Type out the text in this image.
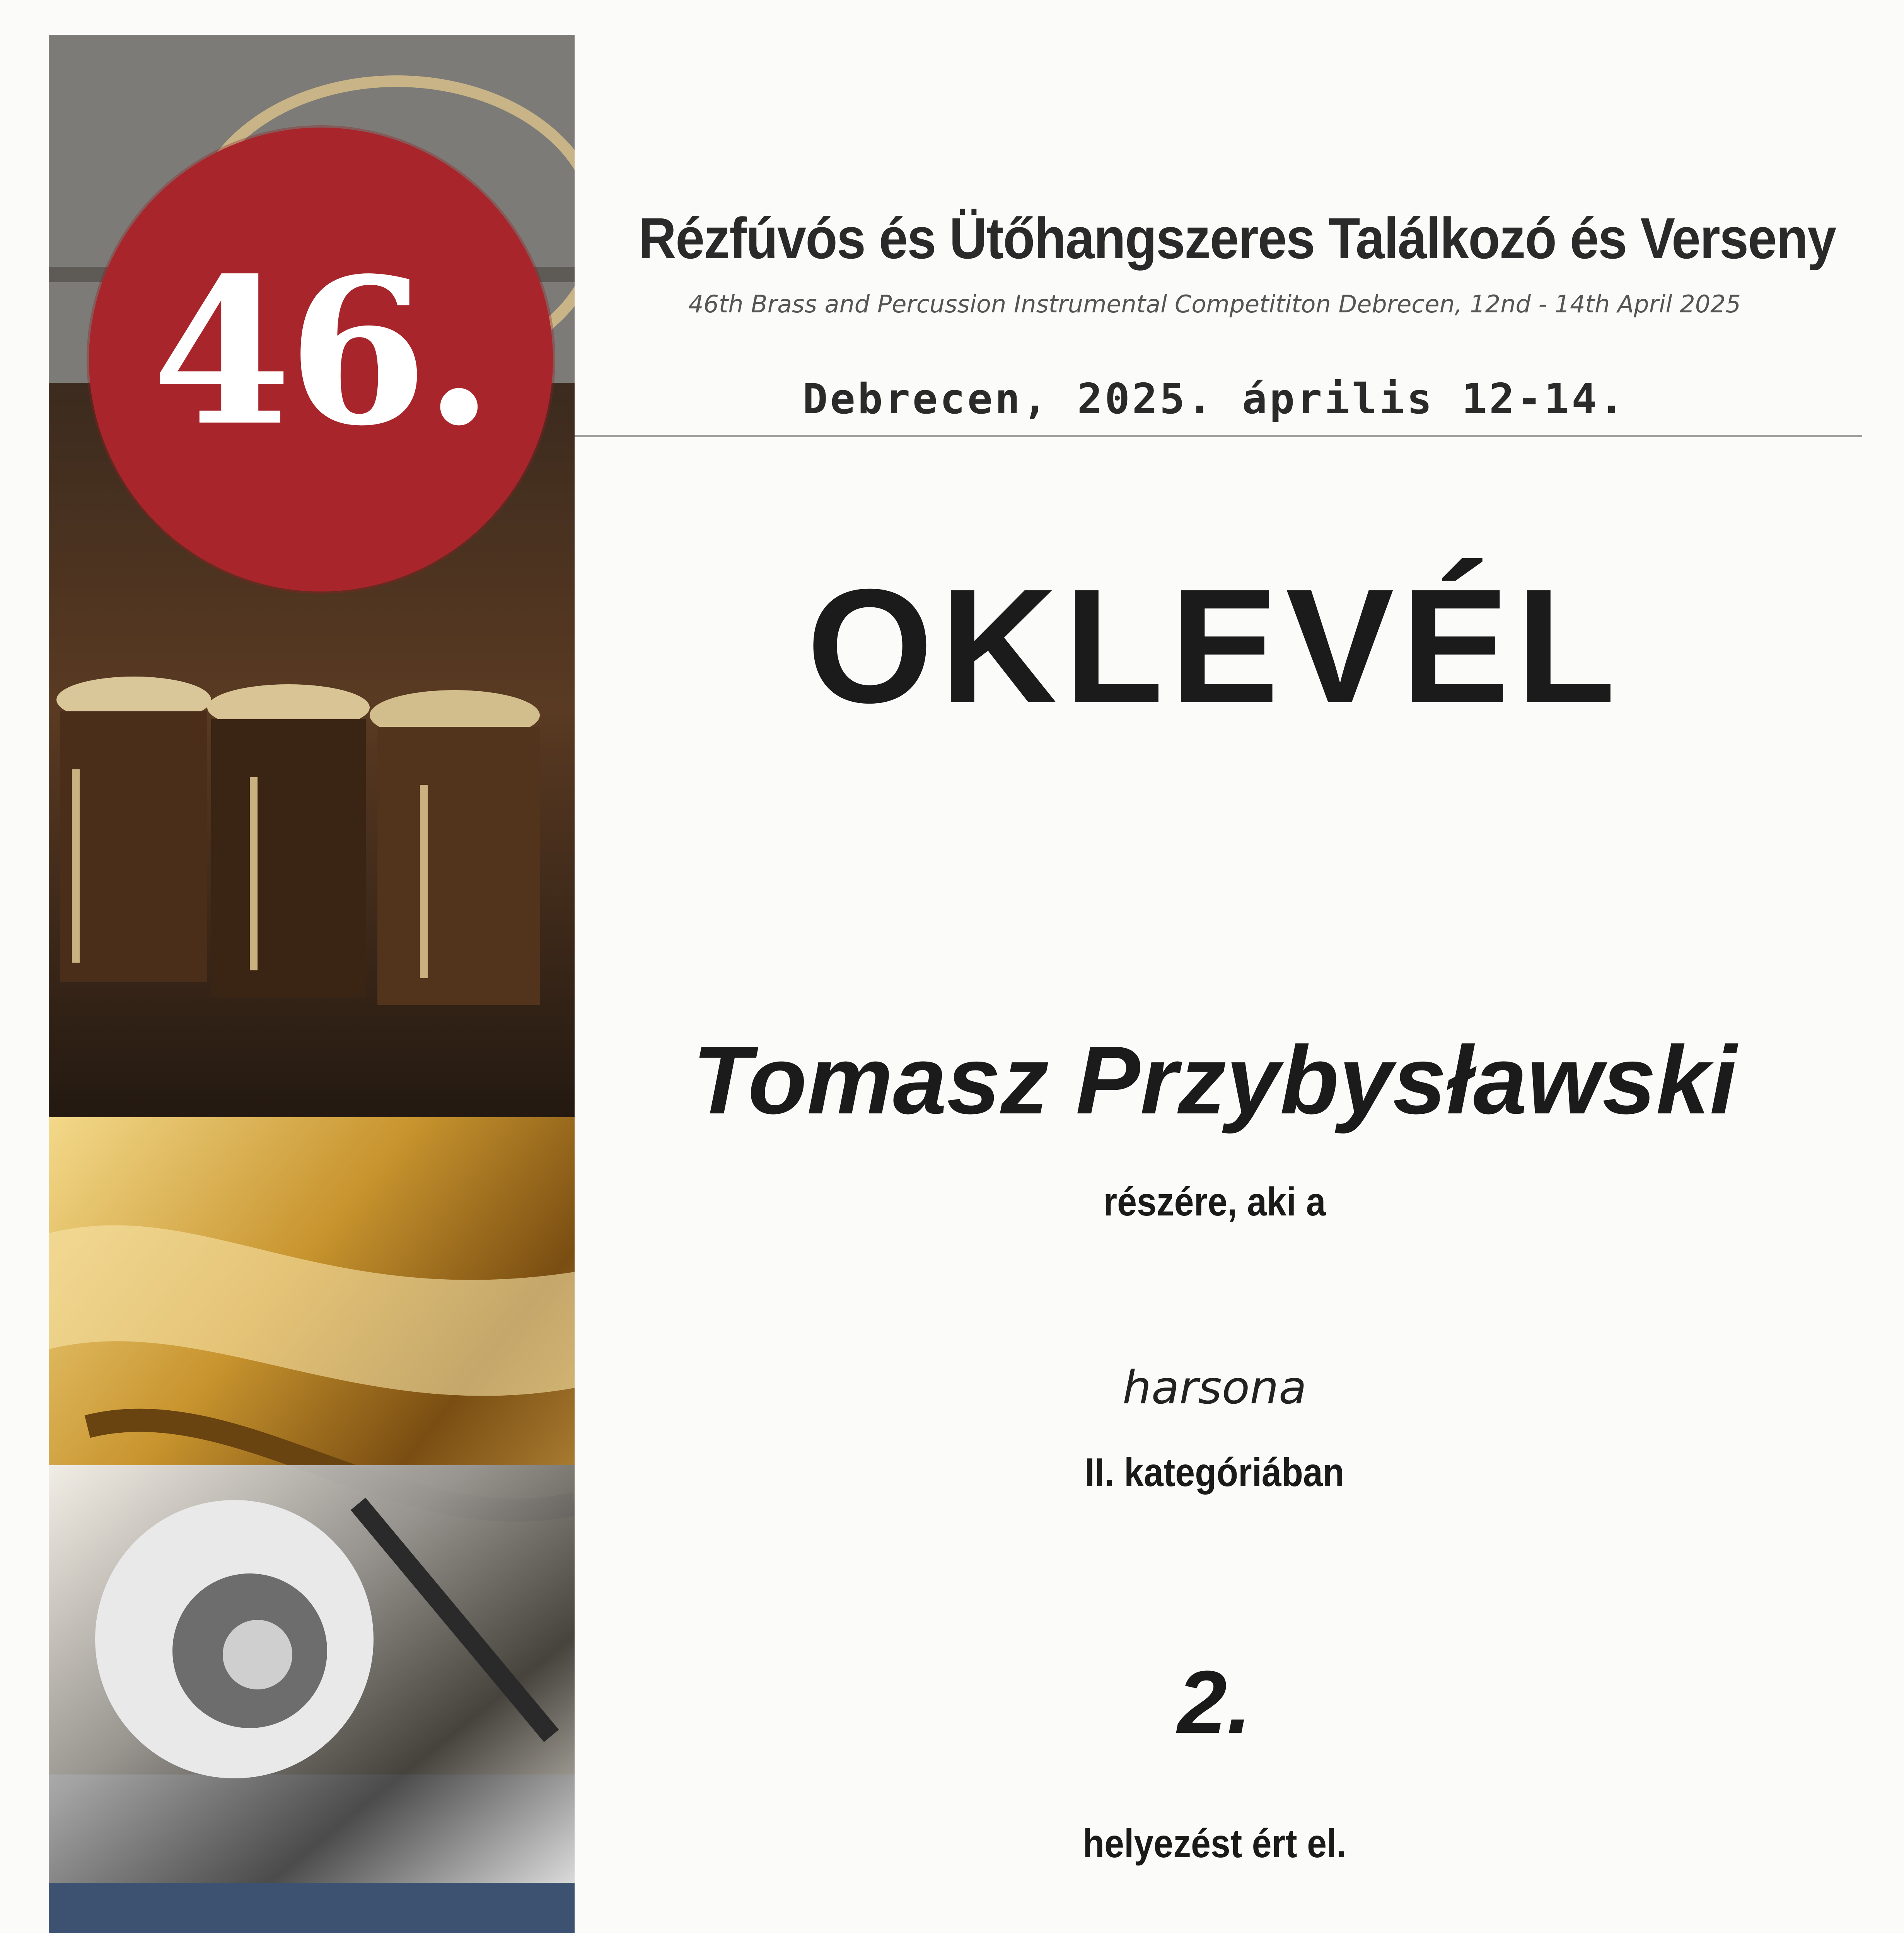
46.	Rézfúvós és Ütőhangszeres Találkozó és Verseny
46th Brass and Percussion Instrumental Competititon Debrecen, 12nd - 14th April 2025
Debrecen, 2025. április 12-14.
OKLEVÉL
Tomasz Przybysławski
részére, aki a
harsona
II. kategóriában
2.
helyezést ért el.
